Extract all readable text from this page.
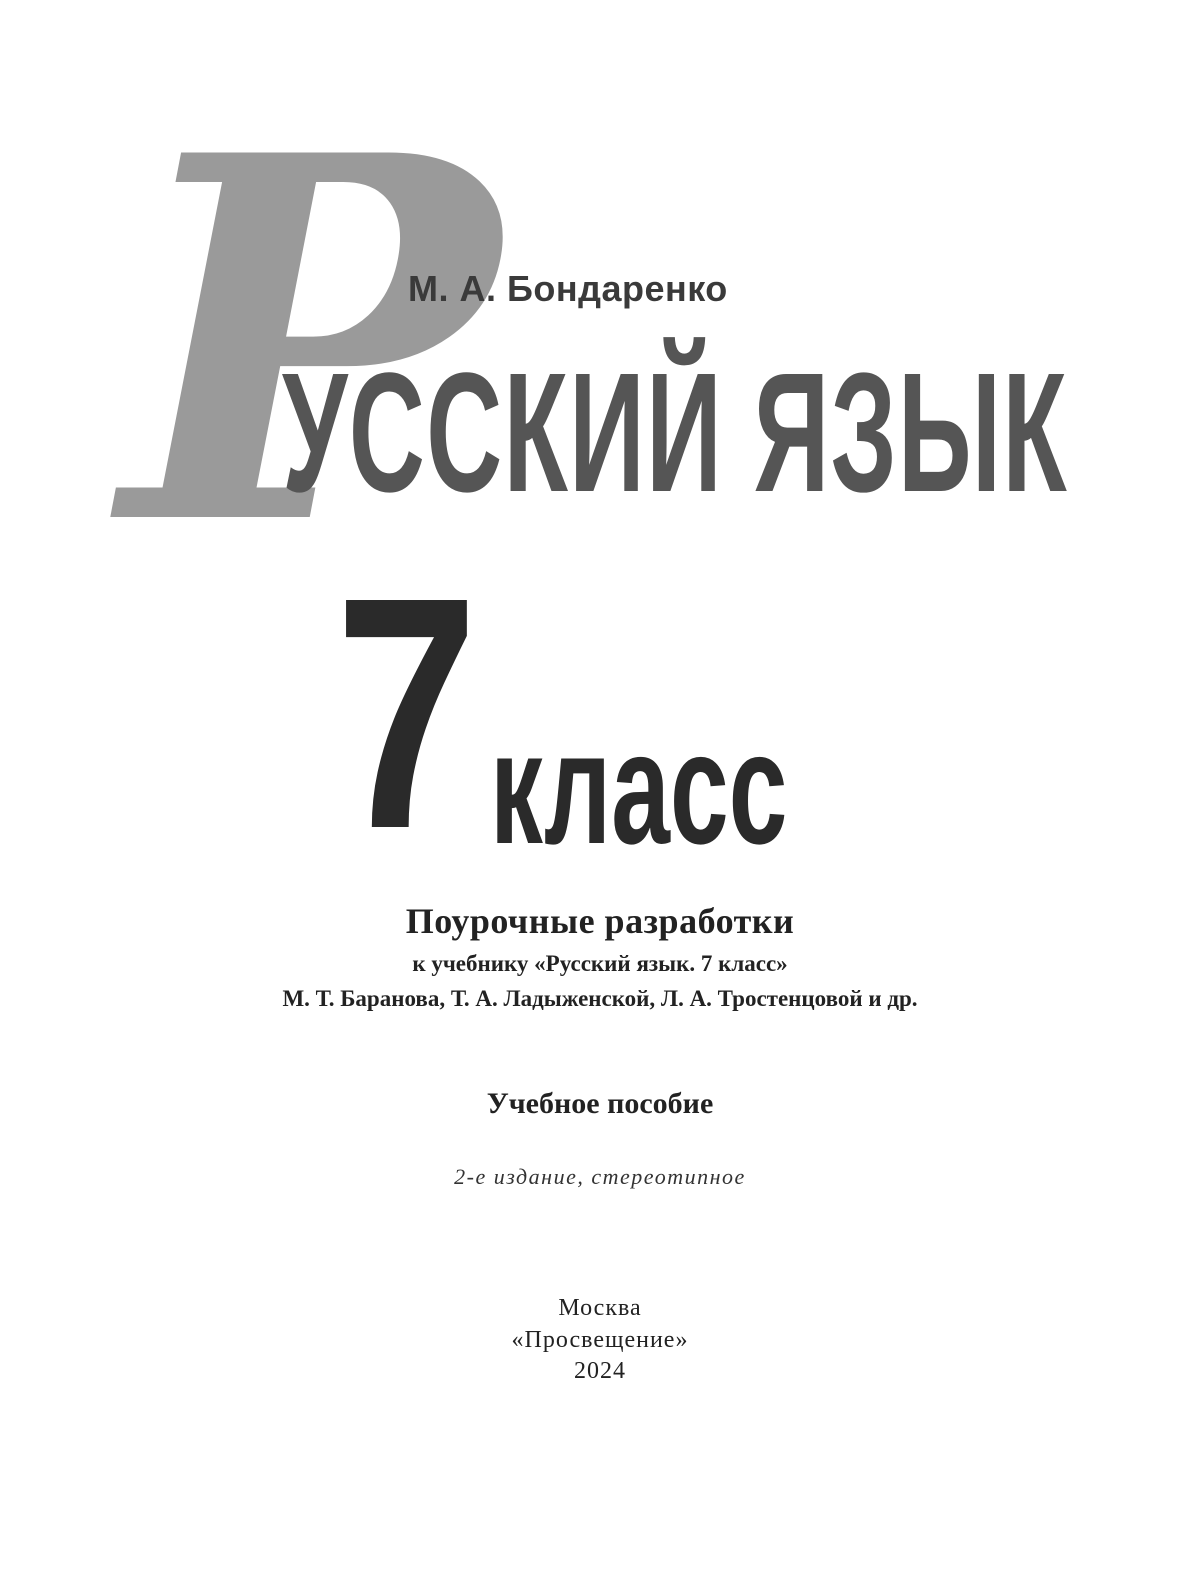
Р
М. А. Бондаренко
УССКИЙ ЯЗЫК
7 класс
Поурочные разработки
к учебнику «Русский язык. 7 класс»
М. Т. Баранова, Т. А. Ладыженской, Л. А. Тростенцовой и др.
Учебное пособие
2-е издание, стереотипное
Москва
«Просвещение»
2024
